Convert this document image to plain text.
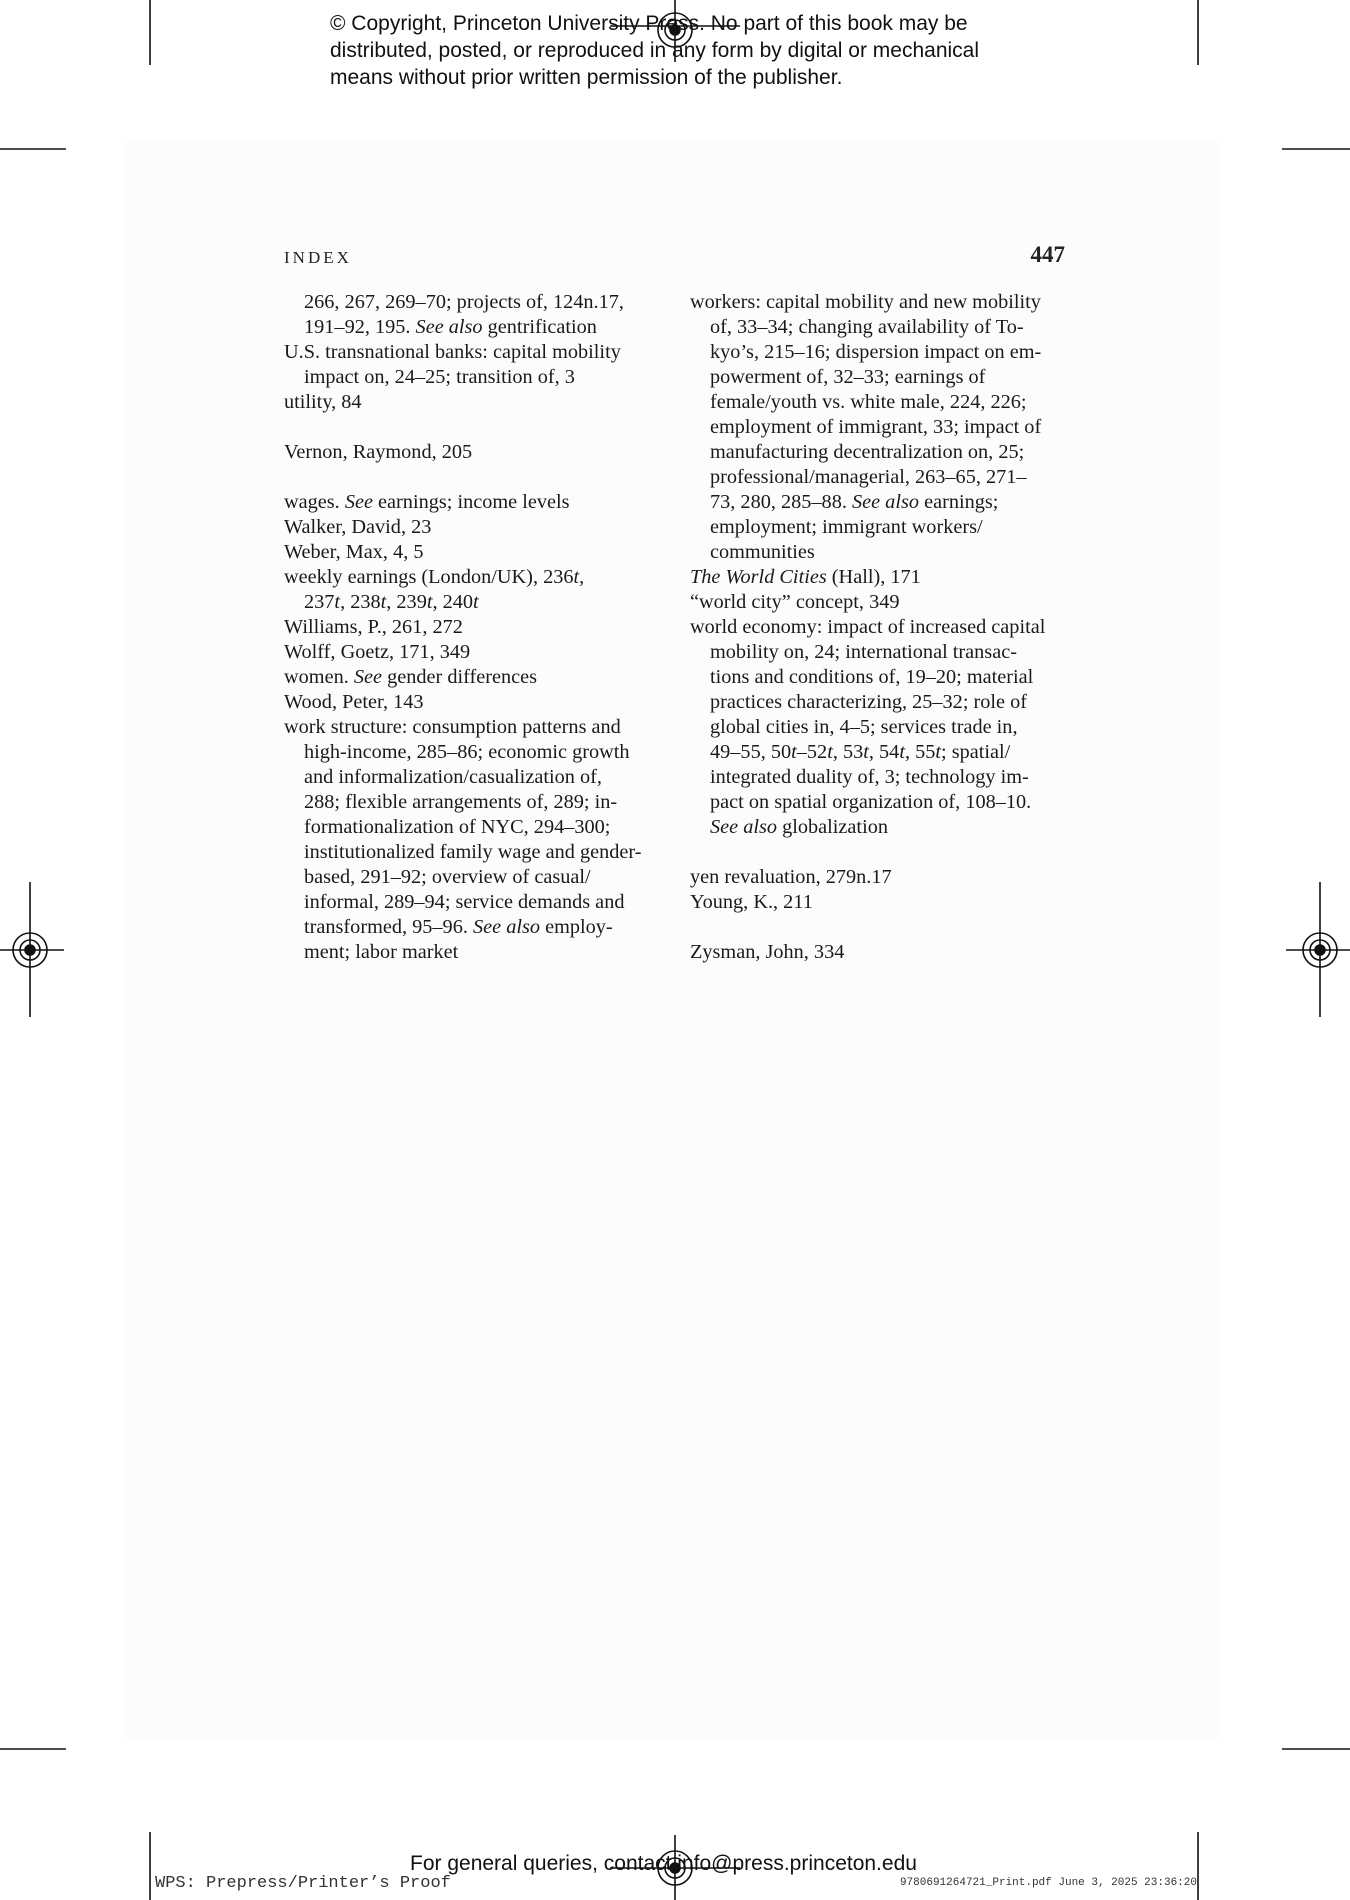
© Copyright, Princeton University Press. No part of this book may be
distributed, posted, or reproduced in any form by digital or mechanical
means without prior written permission of the publisher.
INDEX	447
266, 267, 269–70; projects of, 124n.17,
191–92, 195. See also gentrification
U.S. transnational banks: capital mobility
impact on, 24–25; transition of, 3
utility, 84
Vernon, Raymond, 205
wages. See earnings; income levels
Walker, David, 23
Weber, Max, 4, 5
weekly earnings (London/UK), 236t,
237t, 238t, 239t, 240t
Williams, P., 261, 272
Wolff, Goetz, 171, 349
women. See gender differences
Wood, Peter, 143
work structure: consumption patterns and
high-income, 285–86; economic growth
and informalization/casualization of,
288; flexible arrangements of, 289; in-
formationalization of NYC, 294–300;
institutionalized family wage and gender-
based, 291–92; overview of casual/
informal, 289–94; service demands and
transformed, 95–96. See also employ-
ment; labor market
workers: capital mobility and new mobility
of, 33–34; changing availability of To-
kyo’s, 215–16; dispersion impact on em-
powerment of, 32–33; earnings of
female/youth vs. white male, 224, 226;
employment of immigrant, 33; impact of
manufacturing decentralization on, 25;
professional/managerial, 263–65, 271–
73, 280, 285–88. See also earnings;
employment; immigrant workers/
communities
The World Cities (Hall), 171
“world city” concept, 349
world economy: impact of increased capital
mobility on, 24; international transac-
tions and conditions of, 19–20; material
practices characterizing, 25–32; role of
global cities in, 4–5; services trade in,
49–55, 50t–52t, 53t, 54t, 55t; spatial/
integrated duality of, 3; technology im-
pact on spatial organization of, 108–10.
See also globalization
yen revaluation, 279n.17
Young, K., 211
Zysman, John, 334
For general queries, contact info@press.princeton.edu
WPS: Prepress/Printer’s Proof	9780691264721_Print.pdf June 3, 2025 23:36:20
